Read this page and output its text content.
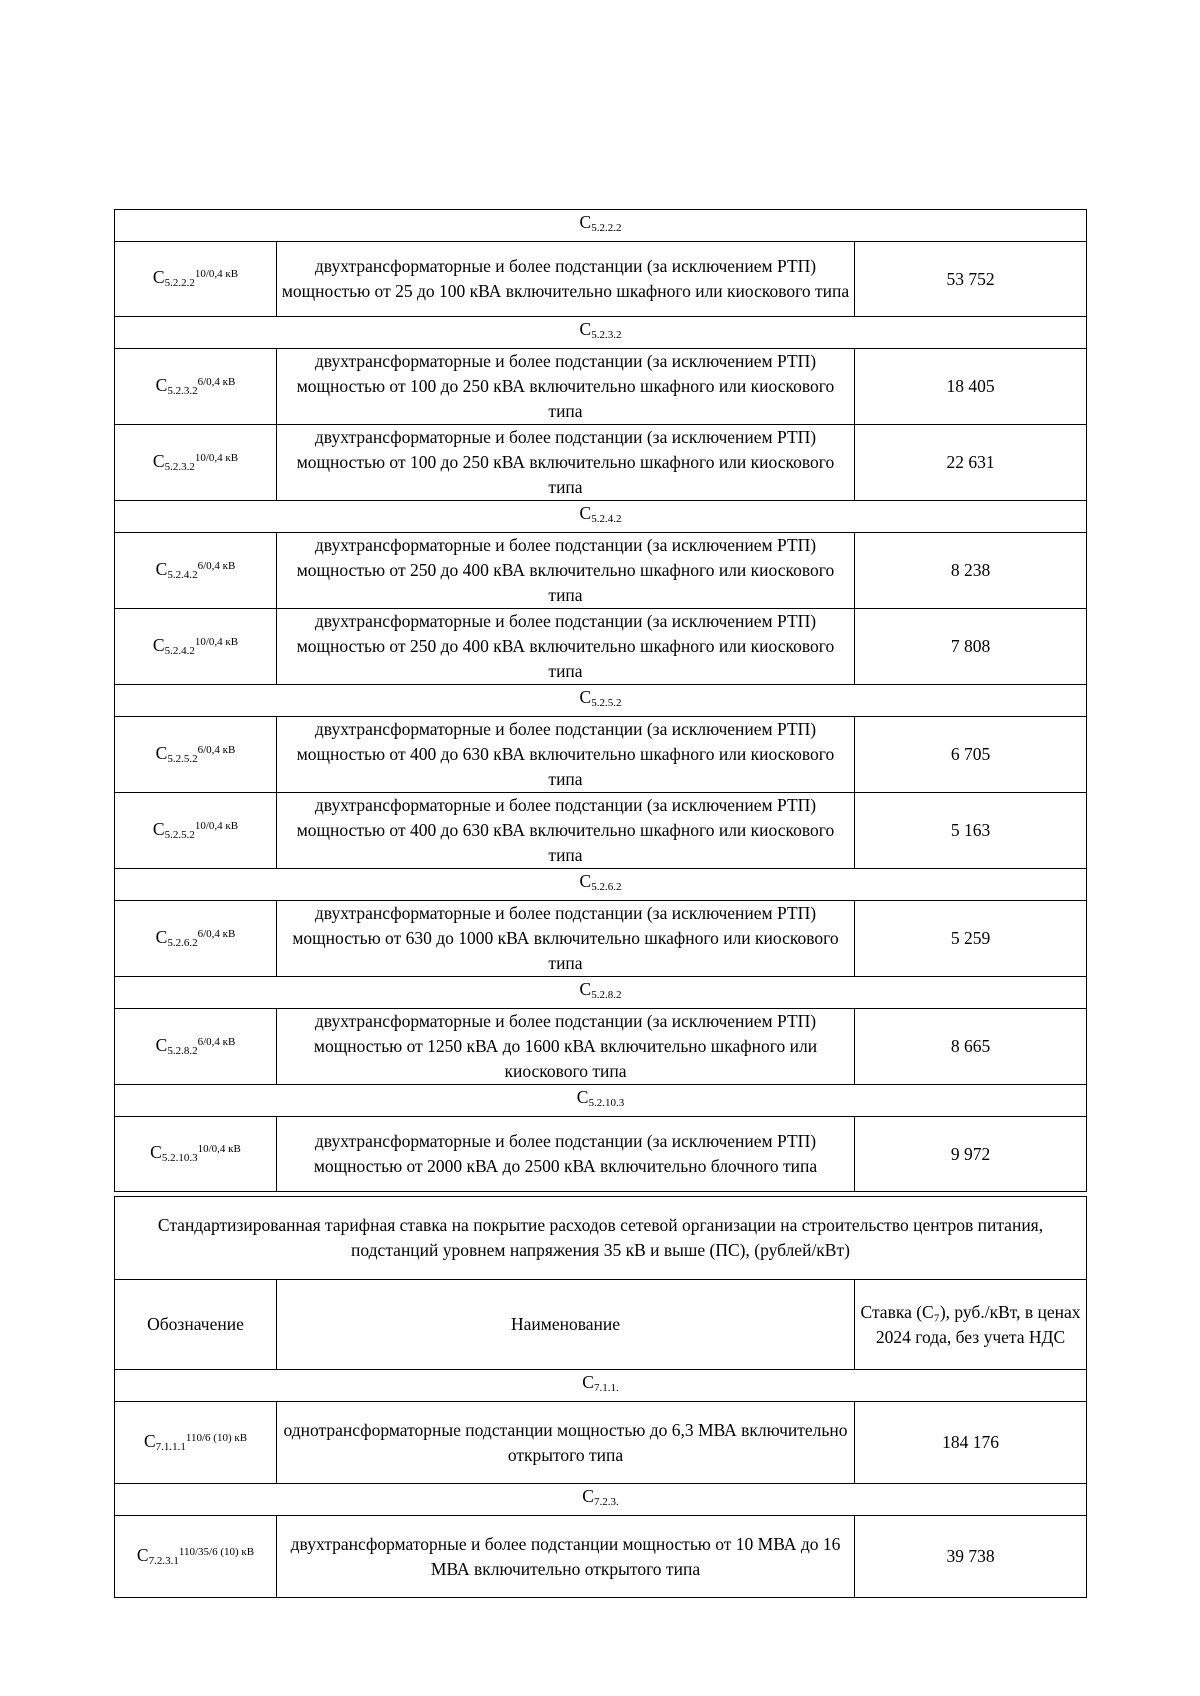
$C_{5.2.2.2}$
$C_{5.2.2.2}^{10/0,4 кВ}$	двухтрансформаторные и более подстанции (за исключением РТП) мощностью от 25 до 100 кВА включительно шкафного или киоскового типа	53 752
$C_{5.2.3.2}$
$C_{5.2.3.2}^{6/0,4 кВ}$	двухтрансформаторные и более подстанции (за исключением РТП) мощностью от 100 до 250 кВА включительно шкафного или киоскового типа	18 405
$C_{5.2.3.2}^{10/0,4 кВ}$	двухтрансформаторные и более подстанции (за исключением РТП) мощностью от 100 до 250 кВА включительно шкафного или киоскового типа	22 631
$C_{5.2.4.2}$
$C_{5.2.4.2}^{6/0,4 кВ}$	двухтрансформаторные и более подстанции (за исключением РТП) мощностью от 250 до 400 кВА включительно шкафного или киоскового типа	8 238
$C_{5.2.4.2}^{10/0,4 кВ}$	двухтрансформаторные и более подстанции (за исключением РТП) мощностью от 250 до 400 кВА включительно шкафного или киоскового типа	7 808
$C_{5.2.5.2}$
$C_{5.2.5.2}^{6/0,4 кВ}$	двухтрансформаторные и более подстанции (за исключением РТП) мощностью от 400 до 630 кВА включительно шкафного или киоскового типа	6 705
$C_{5.2.5.2}^{10/0,4 кВ}$	двухтрансформаторные и более подстанции (за исключением РТП) мощностью от 400 до 630 кВА включительно шкафного или киоскового типа	5 163
$C_{5.2.6.2}$
$C_{5.2.6.2}^{6/0,4 кВ}$	двухтрансформаторные и более подстанции (за исключением РТП) мощностью от 630 до 1000 кВА включительно шкафного или киоскового типа	5 259
$C_{5.2.8.2}$
$C_{5.2.8.2}^{6/0,4 кВ}$	двухтрансформаторные и более подстанции (за исключением РТП) мощностью от 1250 кВА до 1600 кВА включительно шкафного или киоскового типа	8 665
$C_{5.2.10.3}$
$C_{5.2.10.3}^{10/0,4 кВ}$	двухтрансформаторные и более подстанции (за исключением РТП) мощностью от 2000 кВА до 2500 кВА включительно блочного типа	9 972
Стандартизированная тарифная ставка на покрытие расходов сетевой организации на строительство центров питания, подстанций уровнем напряжения 35 кВ и выше (ПС), (рублей/кВт)		
Обозначение	Наименование	Ставка (С₇), руб./кВт, в ценах 2024 года, без учета НДС
$C_{7.1.1.}$
$C_{7.1.1.1}^{110/6 (10) кВ}$	однотрансформаторные подстанции мощностью до 6,3 МВА включительно открытого типа	184 176
$C_{7.2.3.}$
$C_{7.2.3.1}^{110/35/6 (10) кВ}$	двухтрансформаторные и более подстанции мощностью от 10 МВА до 16 МВА включительно открытого типа	39 738
